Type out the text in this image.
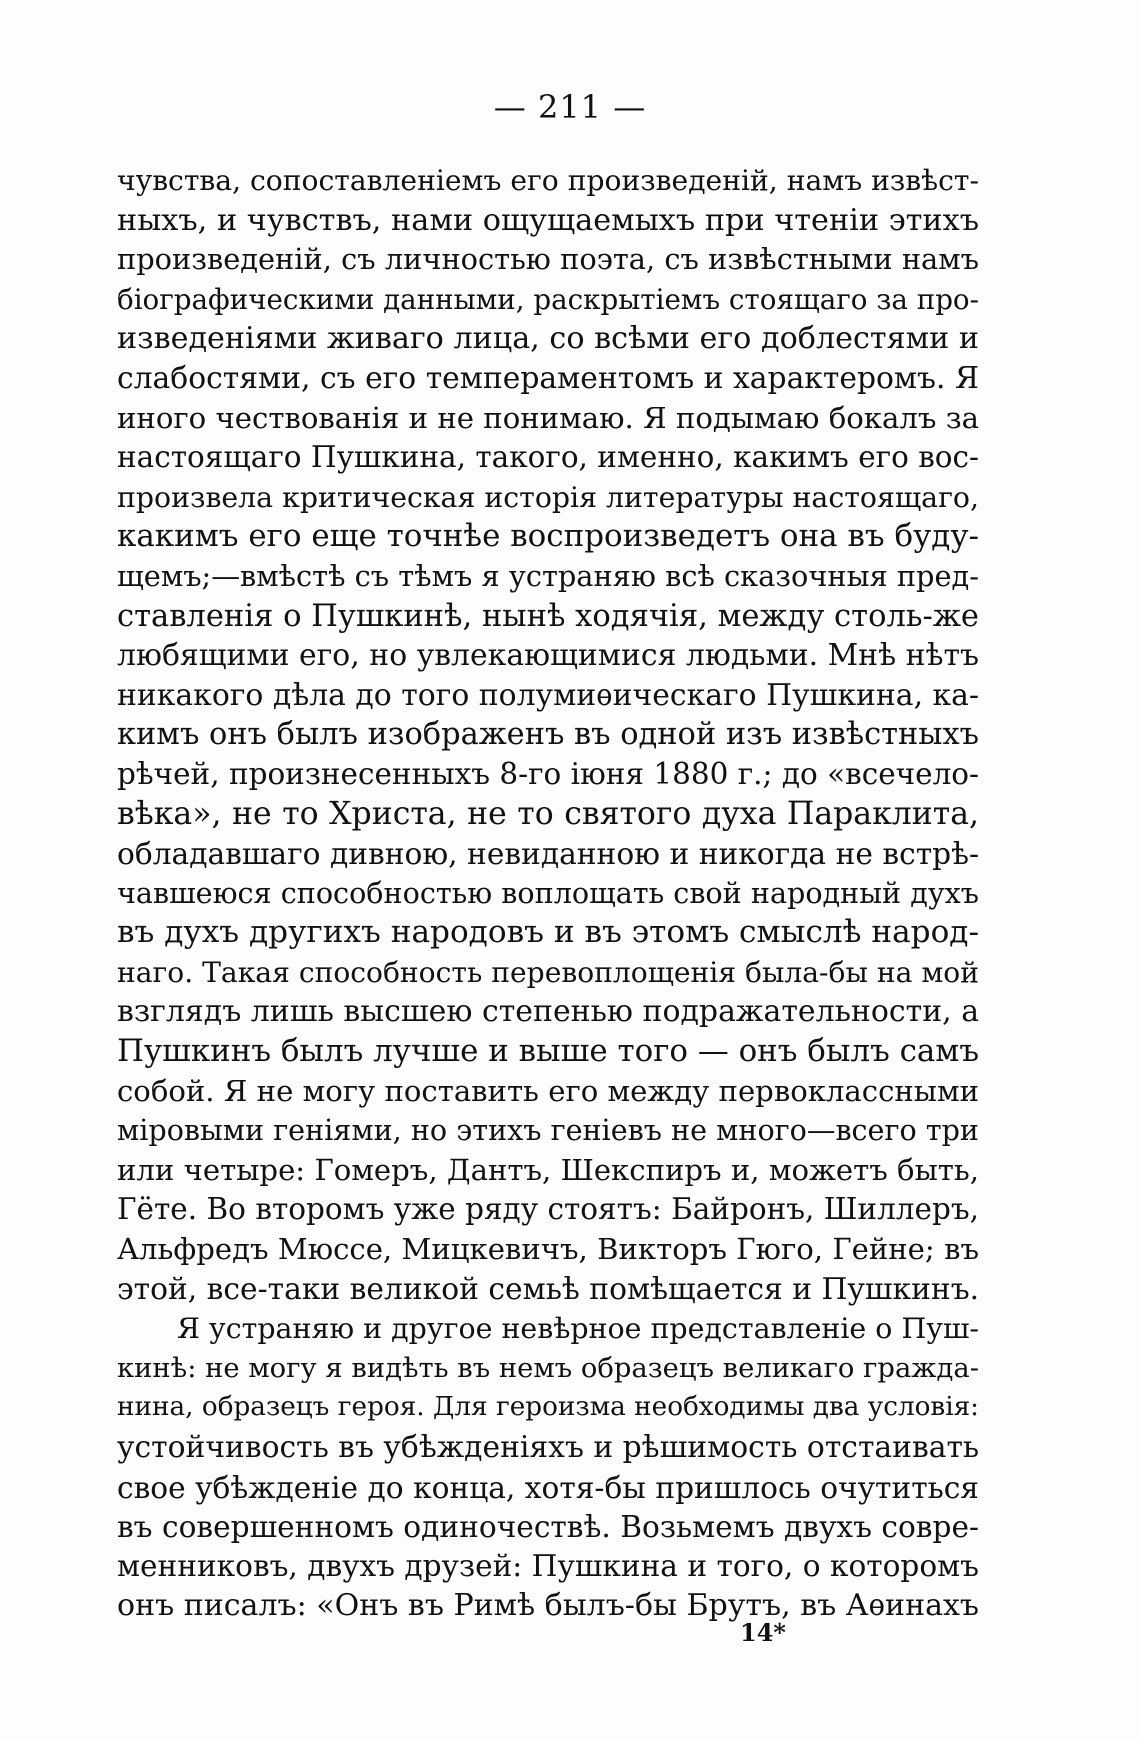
— 211 —
чувства, сопоставленіемъ его произведеній, намъ извѣст-
ныхъ, и чувствъ, нами ощущаемыхъ при чтеніи этихъ
произведеній, съ личностью поэта, съ извѣстными намъ
біографическими данными, раскрытіемъ стоящаго за про-
изведеніями живаго лица, со всѣми его доблестями и
слабостями, съ его темпераментомъ и характеромъ. Я
иного чествованія и не понимаю. Я подымаю бокалъ за
настоящаго Пушкина, такого, именно, какимъ его вос-
произвела критическая исторія литературы настоящаго,
какимъ его еще точнѣе воспроизведетъ она въ буду-
щемъ;—вмѣстѣ съ тѣмъ я устраняю всѣ сказочныя пред-
ставленія о Пушкинѣ, нынѣ ходячія, между столь-же
любящими его, но увлекающимися людьми. Мнѣ нѣтъ
никакого дѣла до того полумиѳическаго Пушкина, ка-
кимъ онъ былъ изображенъ въ одной изъ извѣстныхъ
рѣчей, произнесенныхъ 8-го іюня 1880 г.; до «всечело-
вѣка», не то Христа, не то святого духа Параклита,
обладавшаго дивною, невиданною и никогда не встрѣ-
чавшеюся способностью воплощать свой народный духъ
въ духъ другихъ народовъ и въ этомъ смыслѣ народ-
наго. Такая способность перевоплощенія была-бы на мой
взглядъ лишь высшею степенью подражательности, а
Пушкинъ былъ лучше и выше того — онъ былъ самъ
собой. Я не могу поставить его между первоклассными
міровыми геніями, но этихъ геніевъ не много—всего три
или четыре: Гомеръ, Дантъ, Шекспиръ и, можетъ быть,
Гёте. Во второмъ уже ряду стоятъ: Байронъ, Шиллеръ,
Альфредъ Мюссе, Мицкевичъ, Викторъ Гюго, Гейне; въ
этой, все-таки великой семьѣ помѣщается и Пушкинъ.
Я устраняю и другое невѣрное представленіе о Пуш-
кинѣ: не могу я видѣть въ немъ образецъ великаго гражда-
нина, образецъ героя. Для героизма необходимы два условія:
устойчивость въ убѣжденіяхъ и рѣшимость отстаивать
свое убѣжденіе до конца, хотя-бы пришлось очутиться
въ совершенномъ одиночествѣ. Возьмемъ двухъ совре-
менниковъ, двухъ друзей: Пушкина и того, о которомъ
онъ писалъ: «Онъ въ Римѣ былъ-бы Брутъ, въ Аѳинахъ
14*
